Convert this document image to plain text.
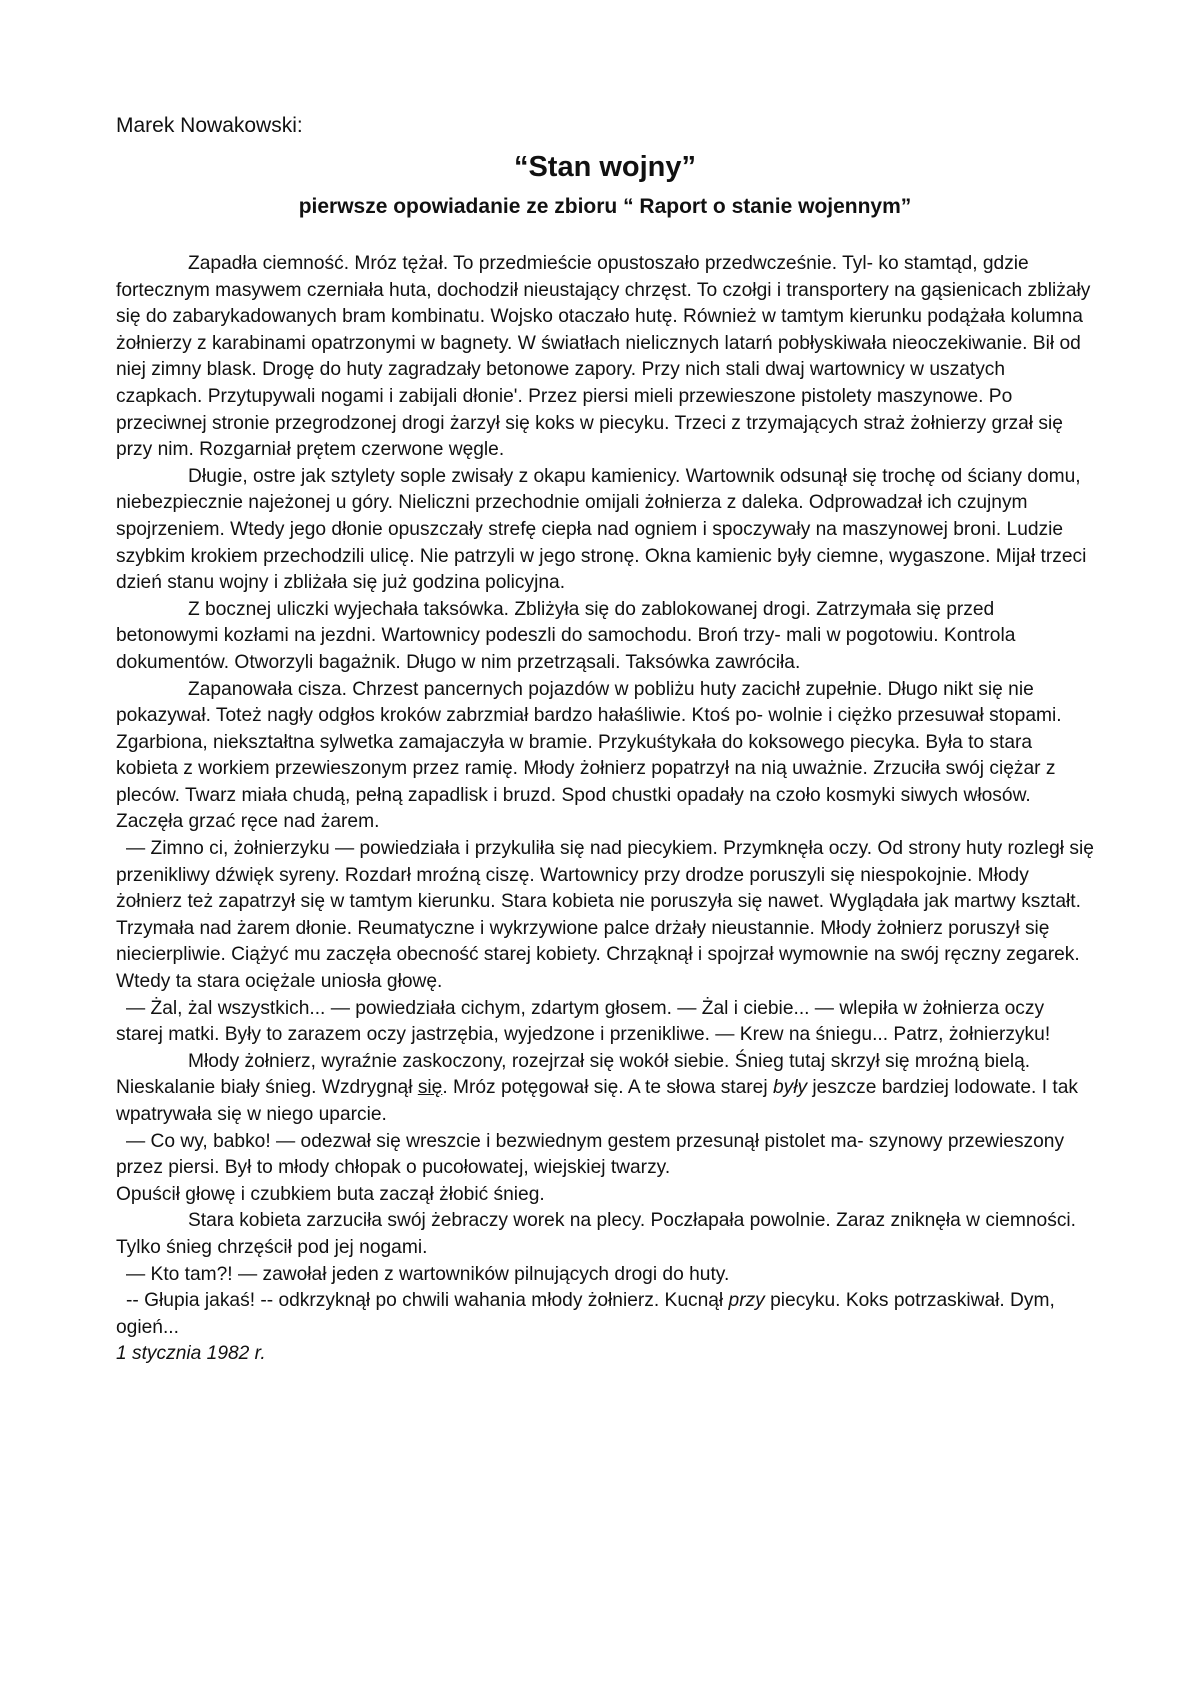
Marek Nowakowski:
“Stan wojny”
pierwsze opowiadanie ze zbioru “ Raport o stanie wojennym”

Zapadła ciemność. Mróz tężał. To przedmieście opustoszało przedwcześnie. Tyl- ko stamtąd, gdzie fortecznym masywem czerniała huta, dochodził nieustający chrzęst. To czołgi i transportery na gąsienicach zbliżały się do zabarykadowanych bram kombinatu. Wojsko otaczało hutę. Również w tamtym kierunku podążała kolumna żołnierzy z karabinami opatrzonymi w bagnety. W światłach nielicznych latarń pobłyskiwała nieoczekiwanie. Bił od niej zimny blask. Drogę do huty zagradzały betonowe zapory. Przy nich stali dwaj wartownicy w uszatych czapkach. Przytupywali nogami i zabijali dłonie'. Przez piersi mieli przewieszone pistolety maszynowe. Po przeciwnej stronie przegrodzonej drogi żarzył się koks w piecyku. Trzeci z trzymających straż żołnierzy grzał się przy nim. Rozgarniał prętem czerwone węgle.

Długie, ostre jak sztylety sople zwisały z okapu kamienicy. Wartownik odsunął się trochę od ściany domu, niebezpiecznie najeżonej u góry. Nieliczni przechodnie omijali żołnierza z daleka. Odprowadzał ich czujnym spojrzeniem. Wtedy jego dłonie opuszczały strefę ciepła nad ogniem i spoczywały na maszynowej broni. Ludzie szybkim krokiem przechodzili ulicę. Nie patrzyli w jego stronę. Okna kamienic były ciemne, wygaszone. Mijał trzeci dzień stanu wojny i zbliżała się już godzina policyjna.

Z bocznej uliczki wyjechała taksówka. Zbliżyła się do zablokowanej drogi. Zatrzymała się przed betonowymi kozłami na jezdni. Wartownicy podeszli do samochodu. Broń trzy- mali w pogotowiu. Kontrola dokumentów. Otworzyli bagażnik. Długo w nim przetrząsali. Taksówka zawróciła.

Zapanowała cisza. Chrzest pancernych pojazdów w pobliżu huty zacichł zupełnie. Długo nikt się nie pokazywał. Toteż nagły odgłos kroków zabrzmiał bardzo hałaśliwie. Ktoś po- wolnie i ciężko przesuwał stopami. Zgarbiona, niekształtna sylwetka zamajaczyła w bramie. Przykuśtykała do koksowego piecyka. Była to stara kobieta z workiem przewieszonym przez ramię. Młody żołnierz popatrzył na nią uważnie. Zrzuciła swój ciężar z pleców. Twarz miała chudą, pełną zapadlisk i bruzd. Spod chustki opadały na czoło kosmyki siwych włosów. Zaczęła grzać ręce nad żarem.

— Zimno ci, żołnierzyku — powiedziała i przykuliła się nad piecykiem. Przymknęła oczy. Od strony huty rozległ się przenikliwy dźwięk syreny. Rozdarł mroźną ciszę. Wartownicy przy drodze poruszyli się niespokojnie. Młody żołnierz też zapatrzył się w tamtym kierunku. Stara kobieta nie poruszyła się nawet. Wyglądała jak martwy kształt. Trzymała nad żarem dłonie. Reumatyczne i wykrzywione palce drżały nieustannie. Młody żołnierz poruszył się niecierpliwie. Ciążyć mu zaczęła obecność starej kobiety. Chrząknął i spojrzał wymownie na swój ręczny zegarek. Wtedy ta stara ociężale uniosła głowę.

— Żal, żal wszystkich... — powiedziała cichym, zdartym głosem. — Żal i ciebie... — wlepiła w żołnierza oczy starej matki. Były to zarazem oczy jastrzębia, wyjedzone i przenikliwe. — Krew na śniegu... Patrz, żołnierzyku!

Młody żołnierz, wyraźnie zaskoczony, rozejrzał się wokół siebie. Śnieg tutaj skrzył się mroźną bielą. Nieskalanie biały śnieg. Wzdrygnął się. Mróz potęgował się. A te słowa starej były jeszcze bardziej lodowate. I tak wpatrywała się w niego uparcie.

— Co wy, babko! — odezwał się wreszcie i bezwiednym gestem przesunął pistolet ma- szynowy przewieszony przez piersi. Był to młody chłopak o pucołowatej, wiejskiej twarzy.

Opuścił głowę i czubkiem buta zaczął żłobić śnieg.

Stara kobieta zarzuciła swój żebraczy worek na plecy. Poczłapała powolnie. Zaraz zniknęła w ciemności. Tylko śnieg chrzęścił pod jej nogami.

— Kto tam?! — zawołał jeden z wartowników pilnujących drogi do huty.

-- Głupia jakaś! -- odkrzyknął po chwili wahania młody żołnierz. Kucnął przy piecyku. Koks potrzaskiwał. Dym, ogień...

1 stycznia 1982 r.
